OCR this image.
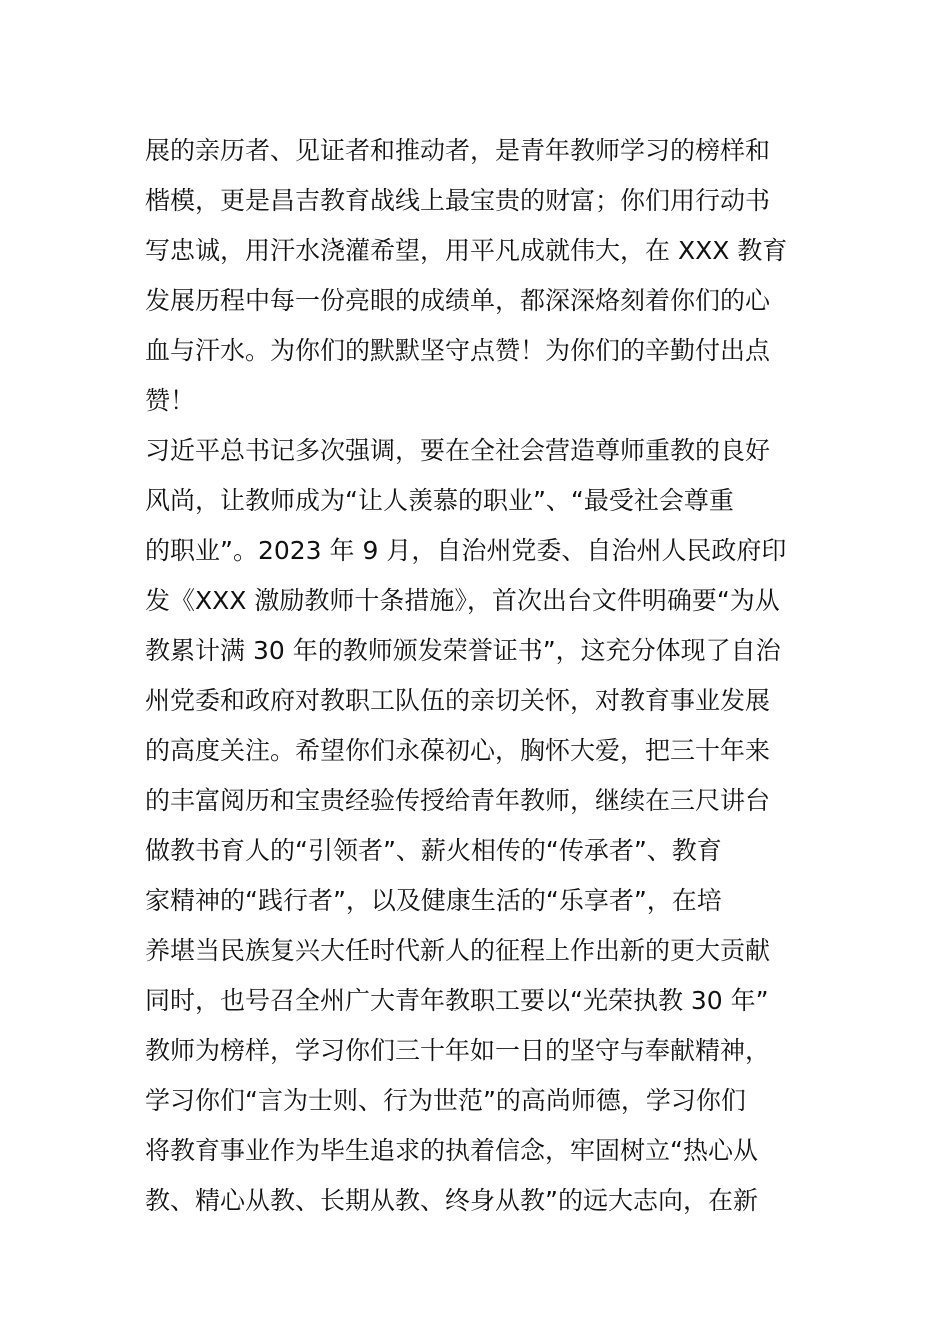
展的亲历者、见证者和推动者，是青年教师学习的榜样和
楷模，更是昌吉教育战线上最宝贵的财富；你们用行动书
写忠诚，用汗水浇灌希望，用平凡成就伟大，在 XXX 教育
发展历程中每一份亮眼的成绩单，都深深烙刻着你们的心
血与汗水。为你们的默默坚守点赞！为你们的辛勤付出点
赞！
习近平总书记多次强调，要在全社会营造尊师重教的良好
风尚，让教师成为“让人羡慕的职业”、“最受社会尊重
的职业”。2023 年 9 月，自治州党委、自治州人民政府印
发《XXX 激励教师十条措施》，首次出台文件明确要“为从
教累计满 30 年的教师颁发荣誉证书”，这充分体现了自治
州党委和政府对教职工队伍的亲切关怀，对教育事业发展
的高度关注。希望你们永葆初心，胸怀大爱，把三十年来
的丰富阅历和宝贵经验传授给青年教师，继续在三尺讲台
做教书育人的“引领者”、薪火相传的“传承者”、教育
家精神的“践行者”，以及健康生活的“乐享者”，在培
养堪当民族复兴大任时代新人的征程上作出新的更大贡献
同时，也号召全州广大青年教职工要以“光荣执教 30 年”
教师为榜样，学习你们三十年如一日的坚守与奉献精神，
学习你们“言为士则、行为世范”的高尚师德，学习你们
将教育事业作为毕生追求的执着信念，牢固树立“热心从
教、精心从教、长期从教、终身从教”的远大志向，在新
